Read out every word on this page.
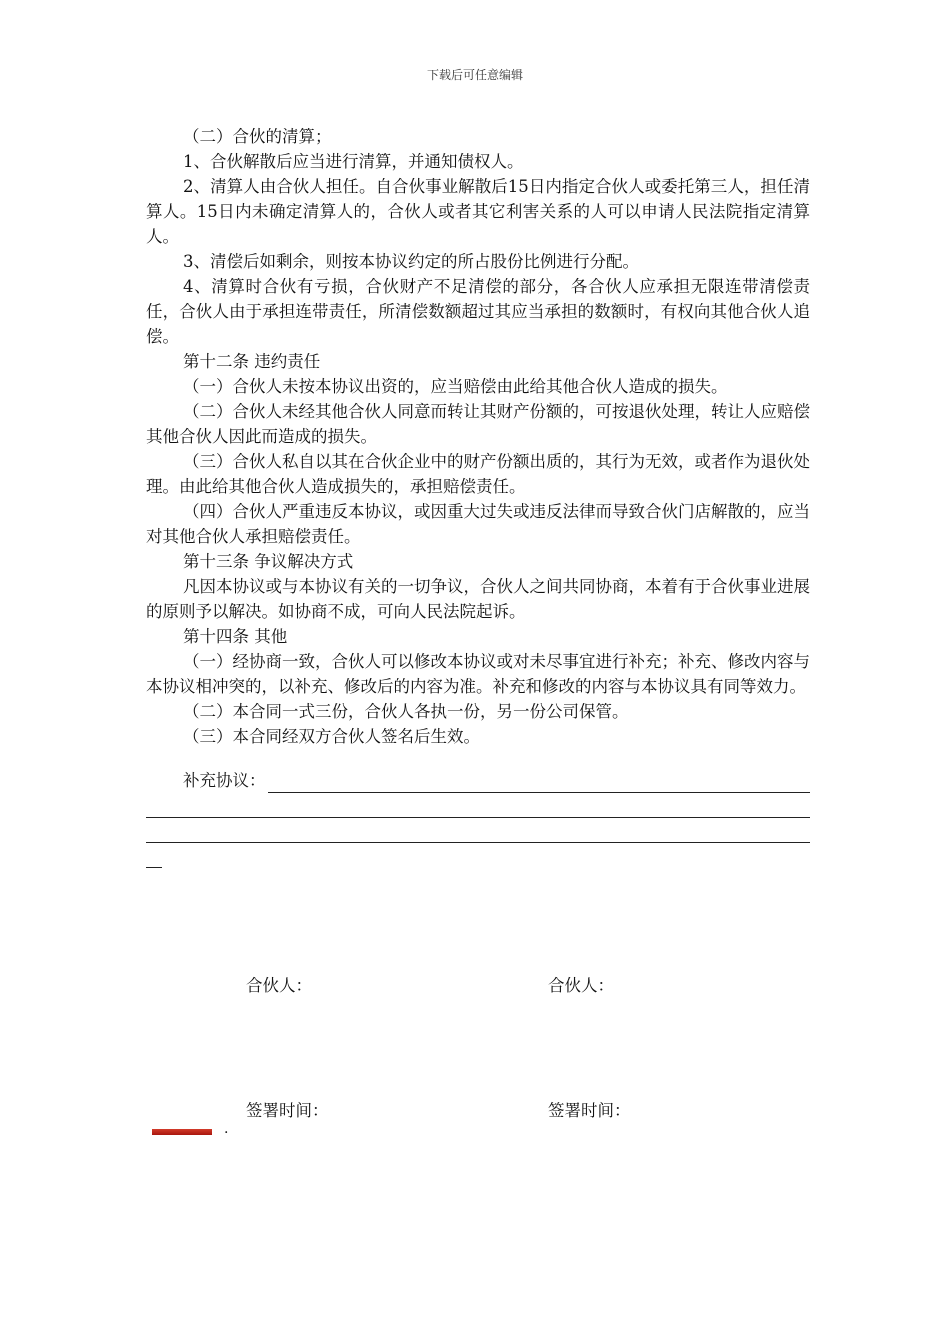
下载后可任意编辑

（二）合伙的清算；

1、合伙解散后应当进行清算，并通知债权人。

2、清算人由合伙人担任。自合伙事业解散后15日内指定合伙人或委托第三人，担任清算人。15日内未确定清算人的，合伙人或者其它利害关系的人可以申请人民法院指定清算人。

3、清偿后如剩余，则按本协议约定的所占股份比例进行分配。

4、清算时合伙有亏损，合伙财产不足清偿的部分，各合伙人应承担无限连带清偿责任，合伙人由于承担连带责任，所清偿数额超过其应当承担的数额时，有权向其他合伙人追偿。

第十二条 违约责任

（一）合伙人未按本协议出资的，应当赔偿由此给其他合伙人造成的损失。

（二）合伙人未经其他合伙人同意而转让其财产份额的，可按退伙处理，转让人应赔偿其他合伙人因此而造成的损失。

（三）合伙人私自以其在合伙企业中的财产份额出质的，其行为无效，或者作为退伙处理。由此给其他合伙人造成损失的，承担赔偿责任。

（四）合伙人严重违反本协议，或因重大过失或违反法律而导致合伙门店解散的，应当对其他合伙人承担赔偿责任。

第十三条 争议解决方式

凡因本协议或与本协议有关的一切争议，合伙人之间共同协商，本着有于合伙事业进展的原则予以解决。如协商不成，可向人民法院起诉。

第十四条 其他

（一）经协商一致，合伙人可以修改本协议或对未尽事宜进行补充；补充、修改内容与本协议相冲突的，以补充、修改后的内容为准。补充和修改的内容与本协议具有同等效力。

（二）本合同一式三份，合伙人各执一份，另一份公司保管。

（三）本合同经双方合伙人签名后生效。

补充协议：
合伙人：	合伙人：
签署时间：	签署时间：
.
